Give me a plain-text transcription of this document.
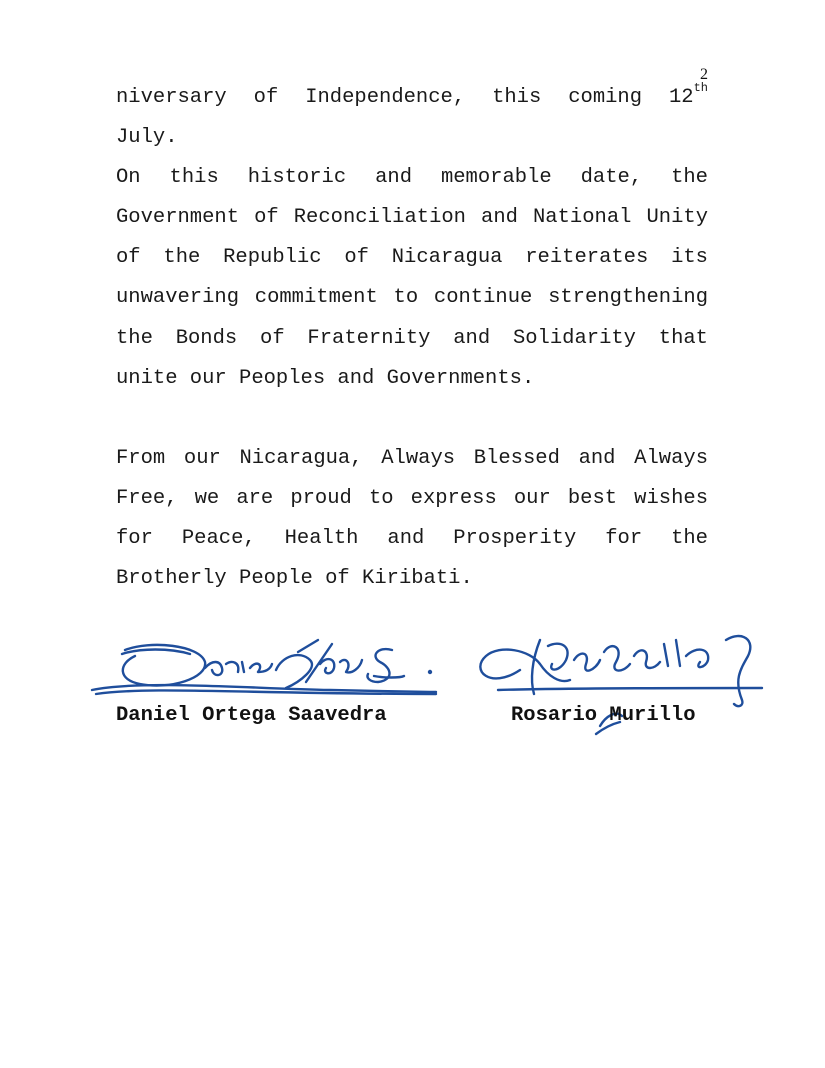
2
niversary of Independence, this coming 12th
July.
On this historic and memorable date, the
Government of Reconciliation and National Unity
of the Republic of Nicaragua reiterates its
unwavering commitment to continue strengthening
the Bonds of Fraternity and Solidarity that
unite our Peoples and Governments.
From our Nicaragua, Always Blessed and Always
Free, we are proud to express our best wishes
for Peace, Health and Prosperity for the
Brotherly People of Kiribati.
Daniel Ortega Saavedra	Rosario Murillo
